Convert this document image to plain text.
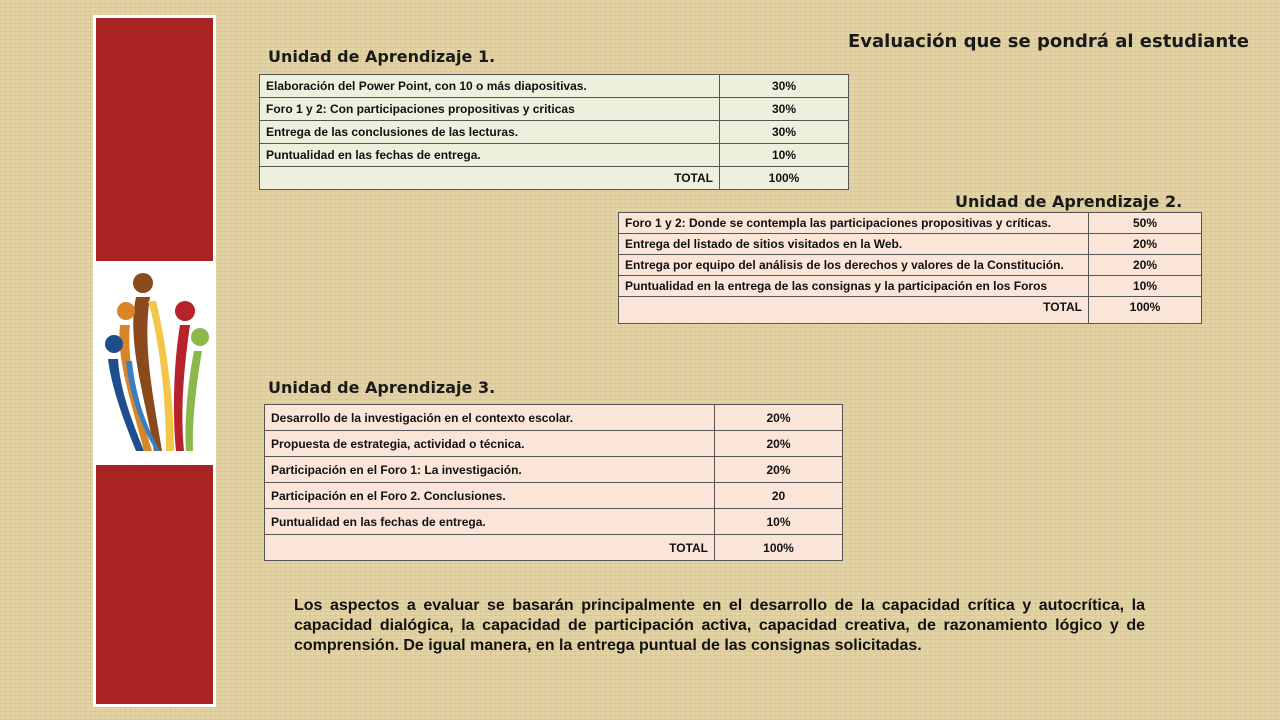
Evaluación que se pondrá al estudiante
Unidad de Aprendizaje 1.
Elaboración del Power Point, con 10 o más diapositivas.	30%
Foro 1 y 2: Con participaciones propositivas y criticas	30%
Entrega de las conclusiones de las lecturas.	30%
Puntualidad en las fechas de entrega.	10%
TOTAL	100%
Unidad de Aprendizaje 2.
Foro 1 y 2: Donde se contempla las participaciones propositivas y críticas.	50%
Entrega del listado de sitios visitados en la Web.	20%
Entrega por equipo del análisis de los derechos y valores de la Constitución.	20%
Puntualidad en la entrega de las consignas y la participación en los Foros	10%
TOTAL	100%
Unidad de Aprendizaje 3.
Desarrollo de la investigación en el contexto escolar.	20%
Propuesta de estrategia, actividad o técnica.	20%
Participación en el Foro 1: La investigación.	20%
Participación en el Foro 2. Conclusiones.	20
Puntualidad en las fechas de entrega.	10%
TOTAL	100%
Los aspectos a evaluar se basarán principalmente en el desarrollo de la capacidad crítica y autocrítica, la capacidad dialógica, la capacidad de participación activa, capacidad creativa, de razonamiento lógico y de comprensión. De igual manera, en la entrega puntual de las consignas solicitadas.
